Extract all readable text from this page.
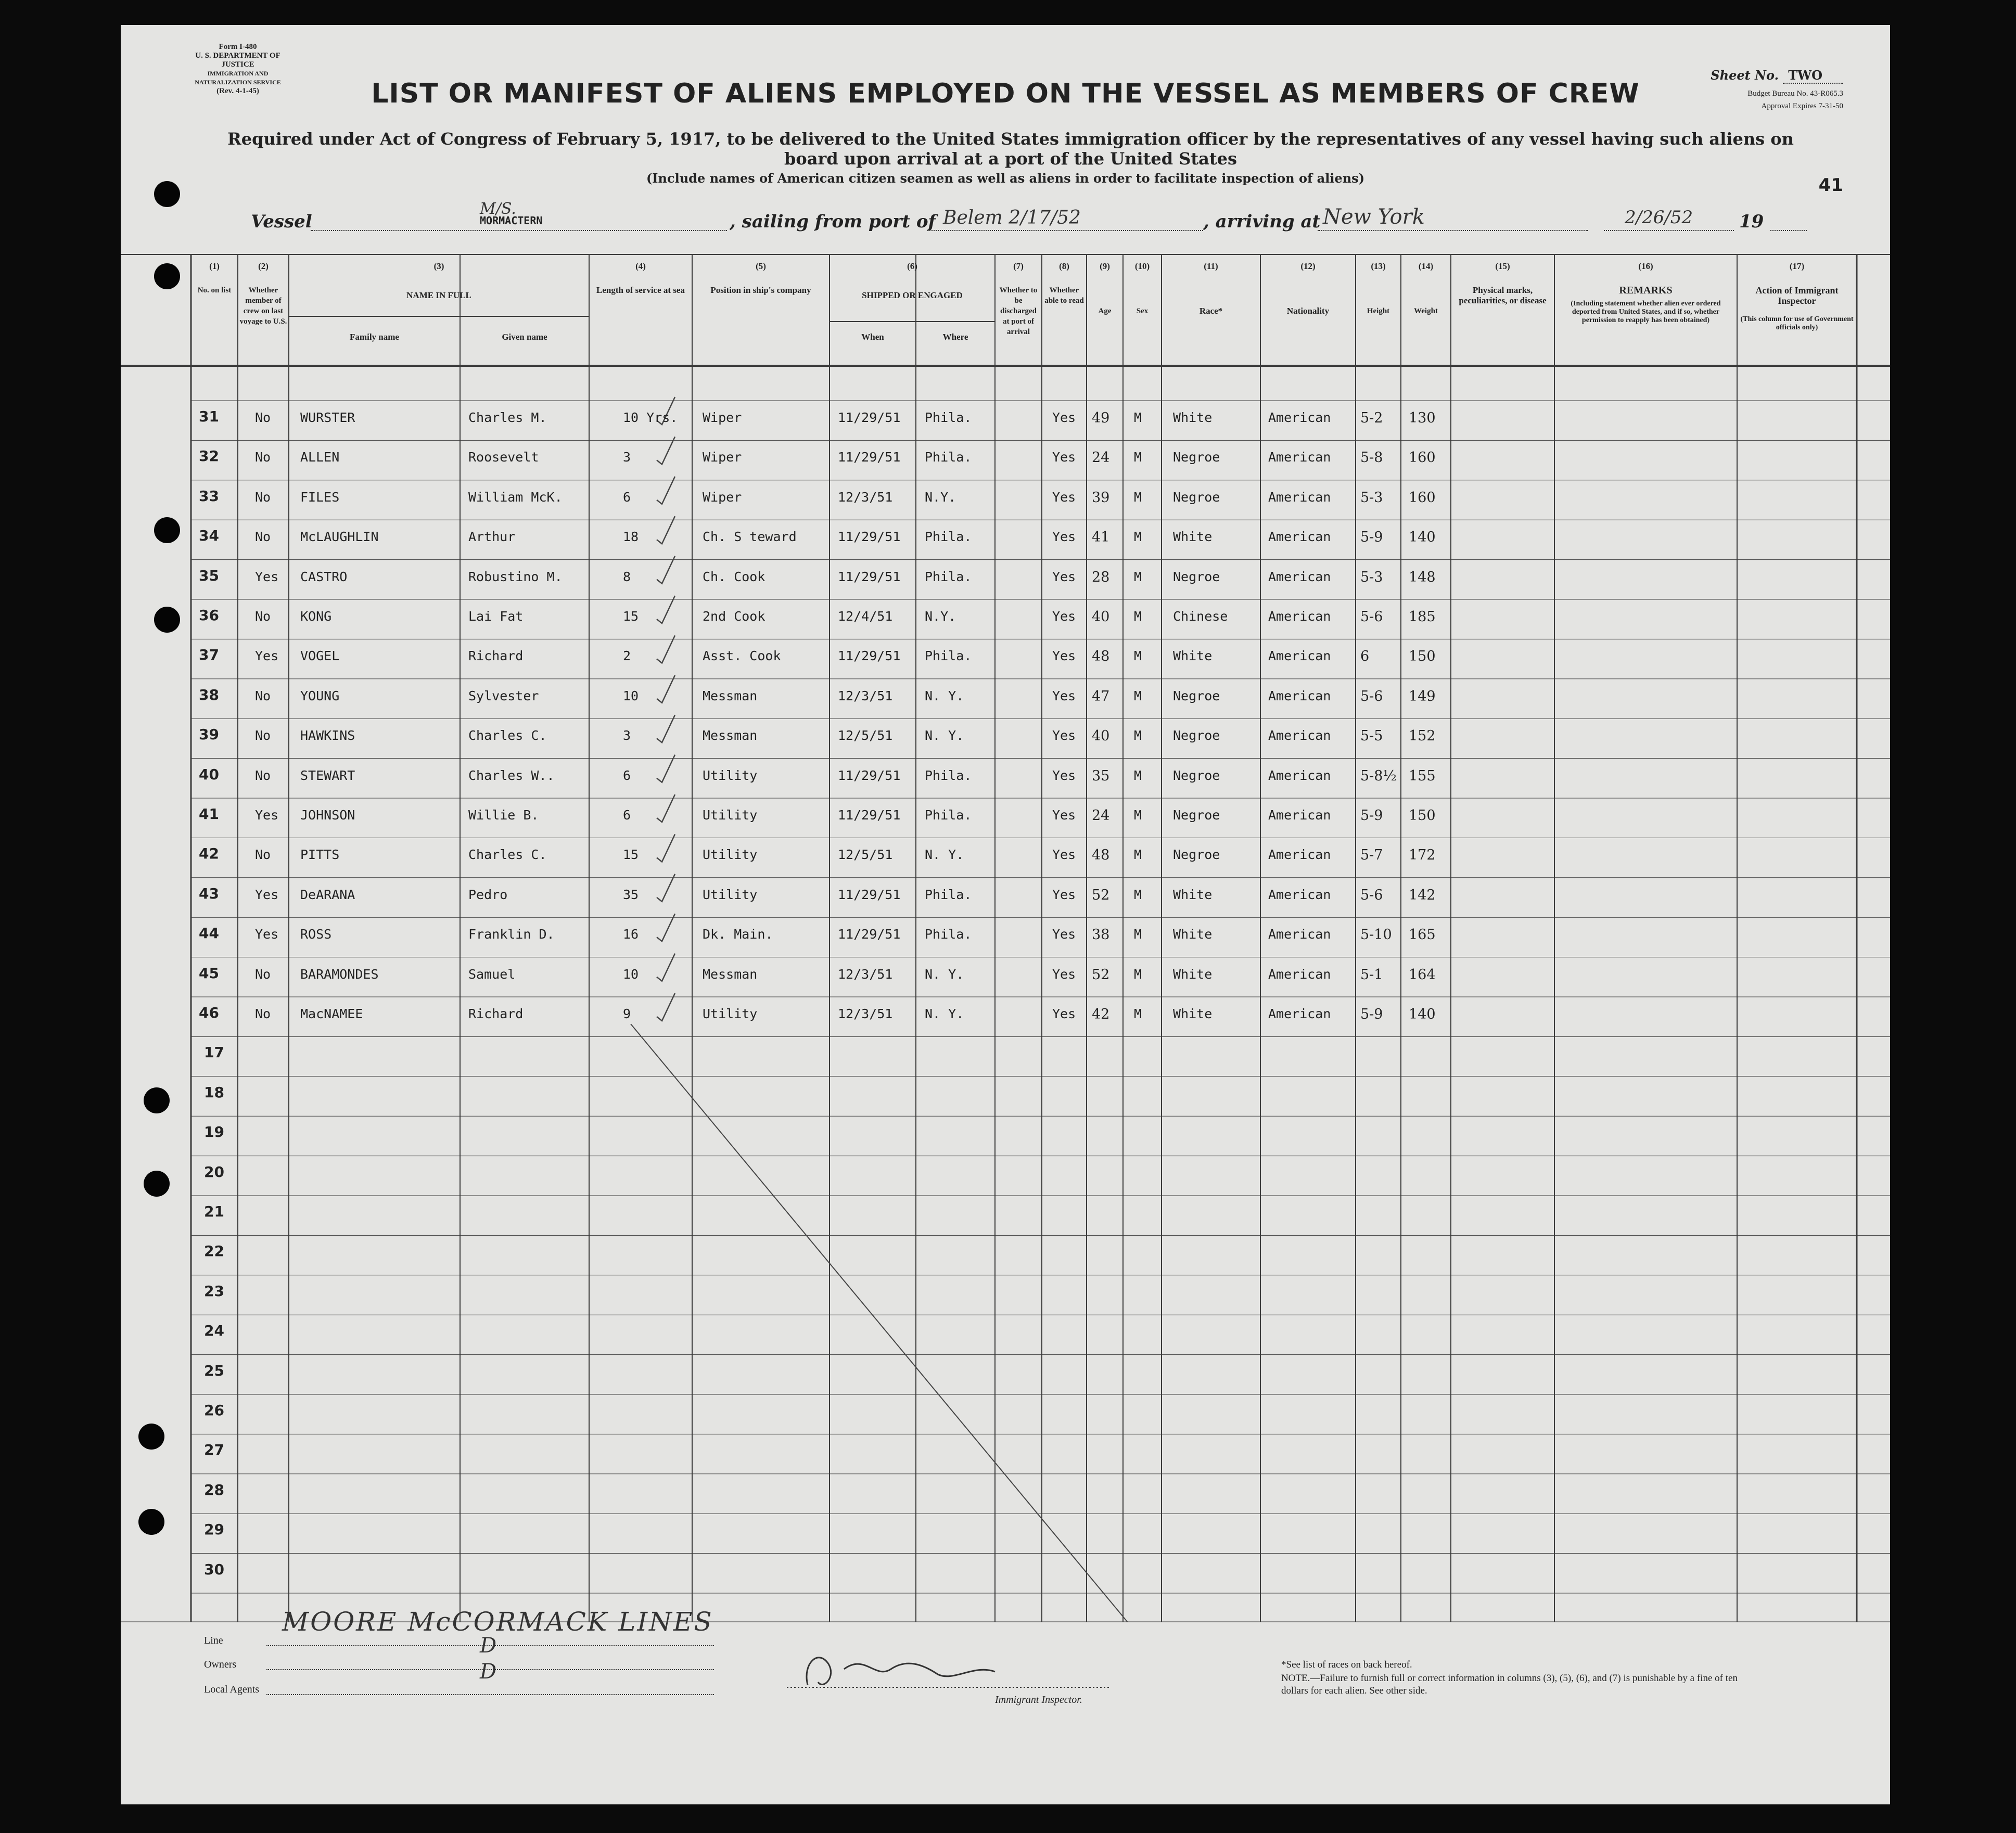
Form I-480
U. S. DEPARTMENT OF JUSTICE
IMMIGRATION AND NATURALIZATION SERVICE
(Rev. 4-1-45)
Sheet No. TWO
Budget Bureau No. 43-R065.3
Approval Expires 7-31-50
41
LIST OR MANIFEST OF ALIENS EMPLOYED ON THE VESSEL AS MEMBERS OF CREW
Required under Act of Congress of February 5, 1917, to be delivered to the United States immigration officer by the representatives of any vessel having such aliens on board upon arrival at a port of the United States
(Include names of American citizen seamen as well as aliens in order to facilitate inspection of aliens)
Vessel
M/S.
MORMACTERN	, sailing from port of Belem 2/17/52	, arriving at New York	2/26/52	19
(1)
No. on list
(2)
Whether member of crew on last voyage to U.S.
(3)
NAME IN FULL
Family name	Given name
(4)
Length of service at sea
(5)
Position in ship's company
(6)
SHIPPED OR ENGAGED
When	Where
(7)
Whether to be discharged at port of arrival
(8)
Whether able to read
(9)
Age
(10)
Sex
(11)
Race*
(12)
Nationality
(13)
Height
(14)
Weight
(15)
Physical marks, peculiarities, or disease
(16)
REMARKS
(Including statement whether alien ever ordered deported from United States, and if so, whether permission to reapply has been obtained)
(17)
Action of Immigrant Inspector
(This column for use of Government officials only)
31	No WURSTER	Charles M.	10 Yrs. Wiper	11/29/51 Phila.	Yes 49 M White	American 5-2 130
32	No ALLEN	Roosevelt	3	Wiper	11/29/51 Phila.	Yes 24 M Negroe	American 5-8 160
33	No FILES	William McK.	6	Wiper	12/3/51 N.Y.	Yes 39 M Negroe	American 5-3 160
34	No McLAUGHLIN	Arthur	18	Ch. S teward	11/29/51 Phila.	Yes 41 M White	American 5-9 140
35	Yes CASTRO	Robustino M.	8	Ch. Cook	11/29/51 Phila.	Yes 28 M Negroe	American 5-3 148
36	No KONG	Lai Fat	15	2nd Cook	12/4/51 N.Y.	Yes 40 M Chinese	American 5-6 185
37	Yes VOGEL	Richard	2	Asst. Cook	11/29/51 Phila.	Yes 48 M White	American 6	150
38	No YOUNG	Sylvester	10	Messman	12/3/51 N. Y.	Yes 47 M Negroe	American 5-6 149
39	No HAWKINS	Charles C.	3	Messman	12/5/51 N. Y.	Yes 40 M Negroe	American 5-5 152
40	No STEWART	Charles W..	6	Utility	11/29/51 Phila.	Yes 35 M Negroe	American 5-8½ 155
41	Yes JOHNSON	Willie B.	6	Utility	11/29/51 Phila.	Yes 24 M Negroe	American 5-9 150
42	No PITTS	Charles C.	15	Utility	12/5/51 N. Y.	Yes 48 M Negroe	American 5-7 172
43	Yes DeARANA	Pedro	35	Utility	11/29/51 Phila.	Yes 52 M White	American 5-6 142
44	Yes ROSS	Franklin D.	16	Dk. Main.	11/29/51 Phila.	Yes 38 M White	American 5-10 165
45	No BARAMONDES	Samuel	10	Messman	12/3/51 N. Y.	Yes 52 M White	American 5-1 164
46	No MacNAMEE	Richard	9	Utility	12/3/51 N. Y.	Yes 42 M White	American 5-9 140
17
18
19
20
21
22
23
24
25
26
27
28
29
30
Line
MOORE McCORMACK LINES
Owners
D
Local Agents
D
Immigrant Inspector.
*See list of races on back hereof.
NOTE.—Failure to furnish full or correct information in columns (3), (5), (6), and (7) is punishable by a fine of ten dollars for each alien. See other side.
